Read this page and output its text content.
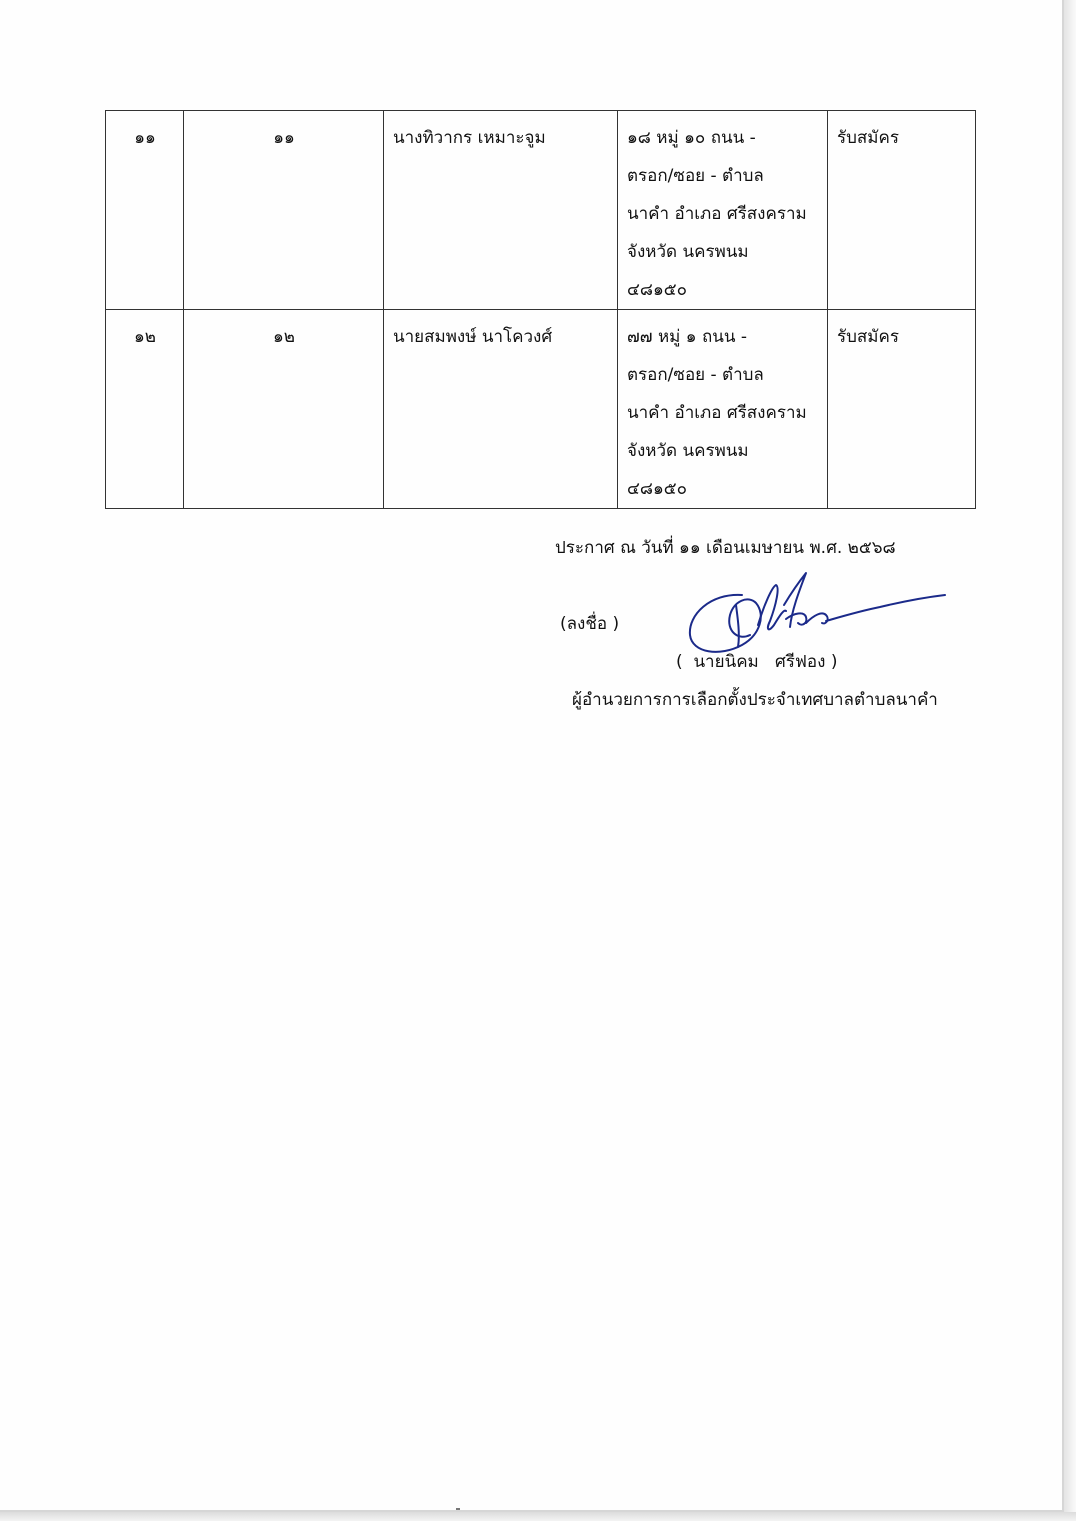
๑๑	๑๑	นางทิวากร เหมาะจูม	๑๘ หมู่ ๑๐ ถนน -
ตรอก/ซอย - ตำบล
นาคำ อำเภอ ศรีสงคราม
จังหวัด นครพนม
๔๘๑๕๐	รับสมัคร
๑๒	๑๒	นายสมพงษ์ นาโควงศ์	๗๗ หมู่ ๑ ถนน -
ตรอก/ซอย - ตำบล
นาคำ อำเภอ ศรีสงคราม
จังหวัด นครพนม
๔๘๑๕๐	รับสมัคร
ประกาศ ณ วันที่ ๑๑ เดือนเมษายน พ.ศ. ๒๕๖๘
(ลงชื่อ )
(  นายนิคม   ศรีฟอง )
ผู้อำนวยการการเลือกตั้งประจำเทศบาลตำบลนาคำ
